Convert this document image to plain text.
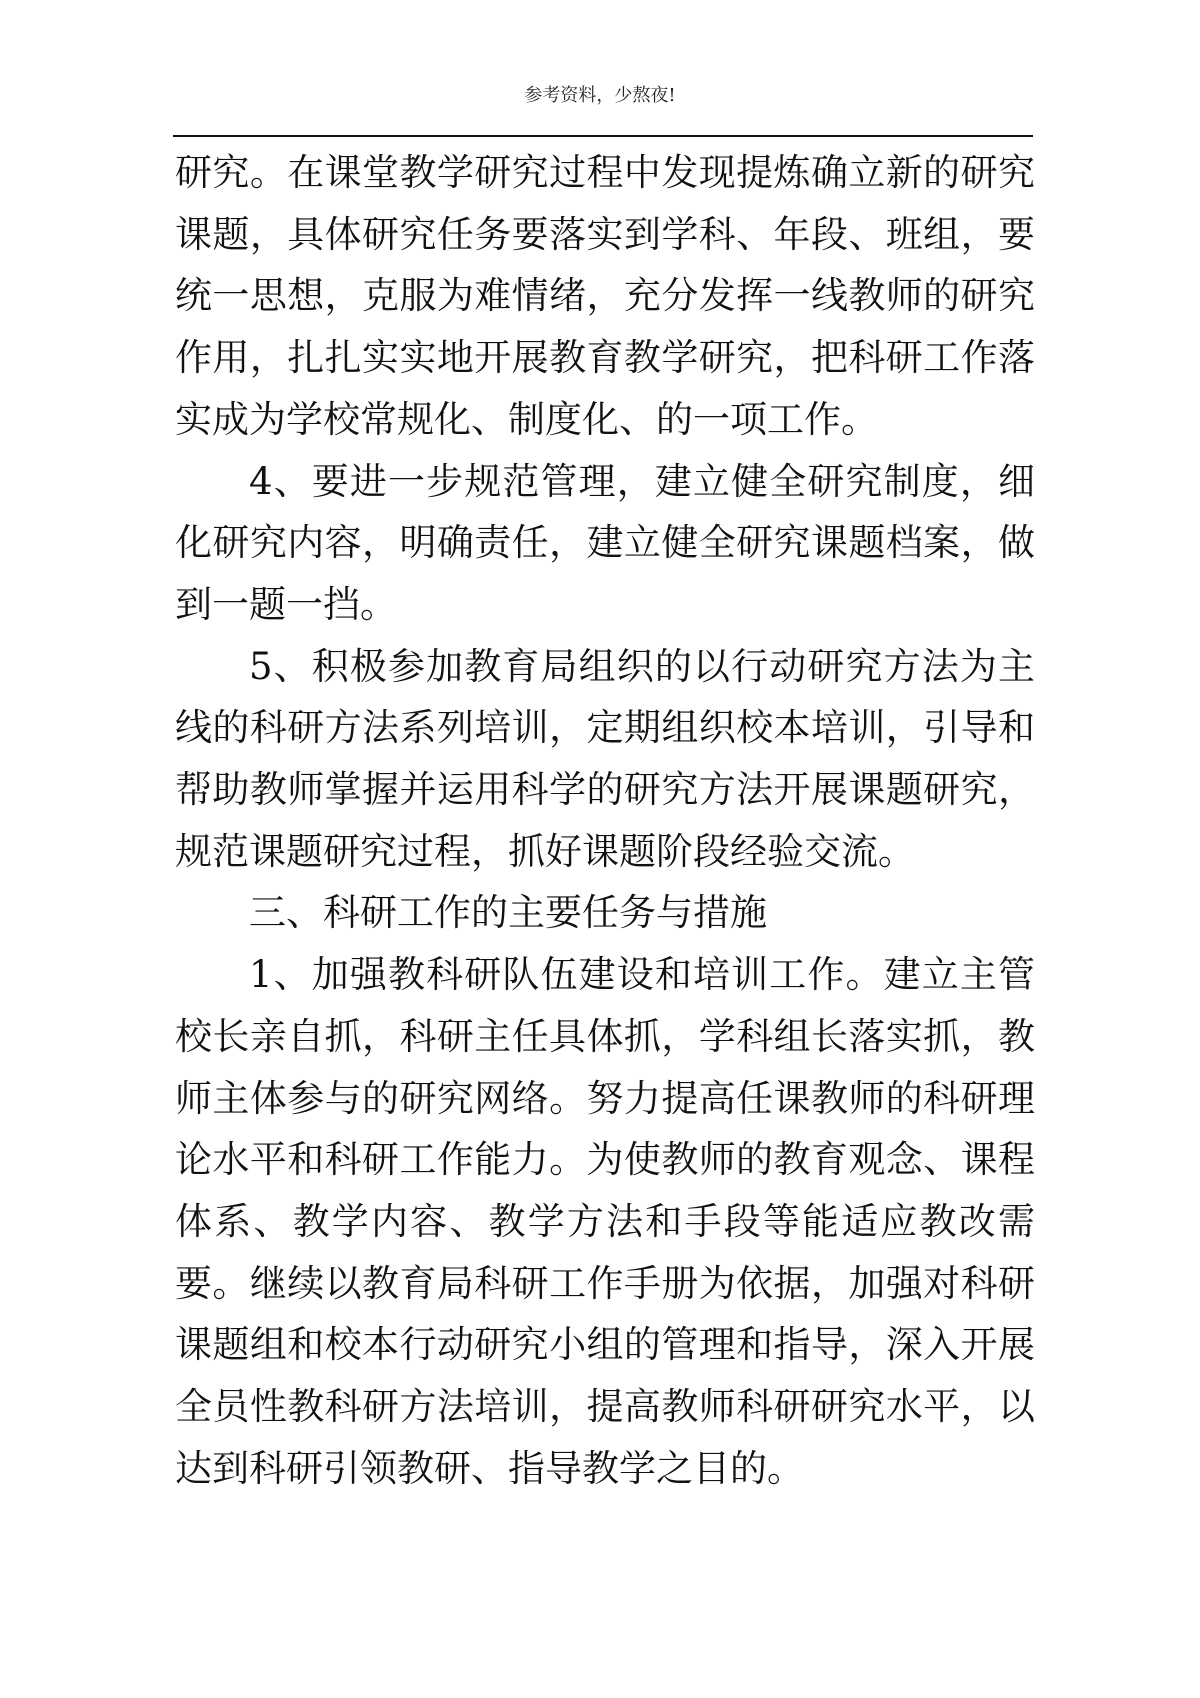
参考资料，少熬夜!

研究。在课堂教学研究过程中发现提炼确立新的研究课题，具体研究任务要落实到学科、年段、班组，要统一思想，克服为难情绪，充分发挥一线教师的研究作用，扎扎实实地开展教育教学研究，把科研工作落实成为学校常规化、制度化、的一项工作。

4、要进一步规范管理，建立健全研究制度，细化研究内容，明确责任，建立健全研究课题档案，做到一题一挡。

5、积极参加教育局组织的以行动研究方法为主线的科研方法系列培训，定期组织校本培训，引导和帮助教师掌握并运用科学的研究方法开展课题研究，规范课题研究过程，抓好课题阶段经验交流。

三、科研工作的主要任务与措施

1、加强教科研队伍建设和培训工作。建立主管校长亲自抓，科研主任具体抓，学科组长落实抓，教师主体参与的研究网络。努力提高任课教师的科研理论水平和科研工作能力。为使教师的教育观念、课程体系、教学内容、教学方法和手段等能适应教改需要。继续以教育局科研工作手册为依据，加强对科研课题组和校本行动研究小组的管理和指导，深入开展全员性教科研方法培训，提高教师科研研究水平，以达到科研引领教研、指导教学之目的。
